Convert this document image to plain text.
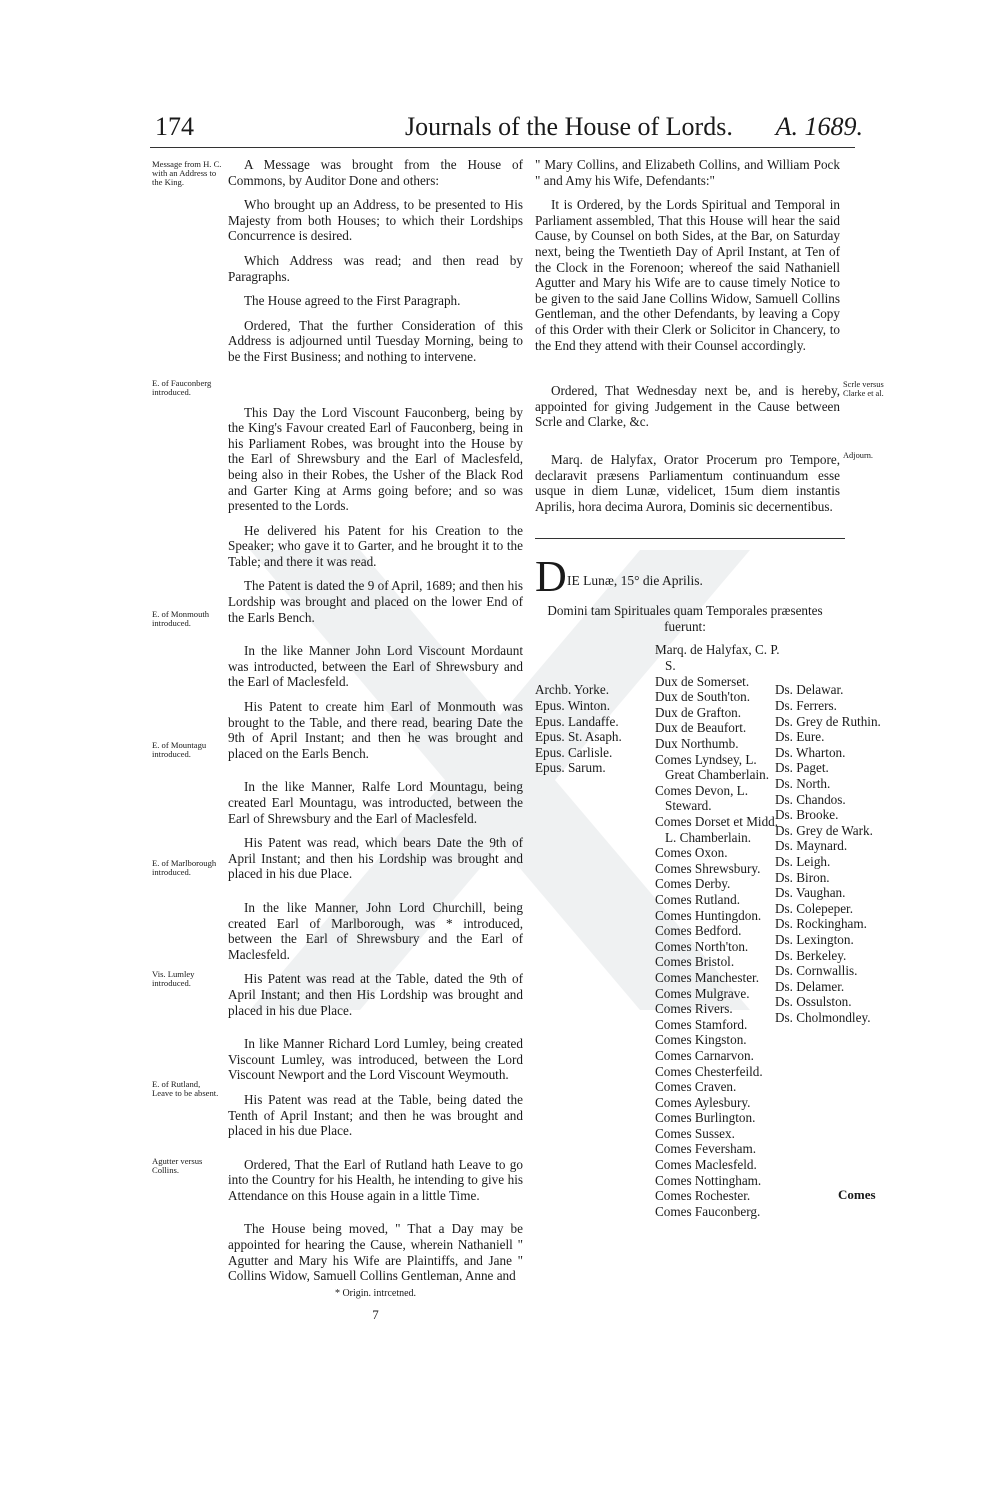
174	Journals of the House of Lords. A. 1689.
Message from H. C. with an Address to the King.
E. of Fauconberg introduced.
E. of Monmouth introduced.
E. of Mountagu introduced.
E. of Marlborough introduced.
Vis. Lumley introduced.
E. of Rutland, Leave to be absent.
Agutter versus Collins.
Scrle versus Clarke et al.
Adjourn.

A Message was brought from the House of Commons, by Auditor Done and others:

Who brought up an Address, to be presented to His Majesty from both Houses; to which their Lordships Concurrence is desired.

Which Address was read; and then read by Paragraphs.

The House agreed to the First Paragraph.

Ordered, That the further Consideration of this Address is adjourned until Tuesday Morning, being to be the First Business; and nothing to intervene.

This Day the Lord Viscount Fauconberg, being by the King's Favour created Earl of Fauconberg, being in his Parliament Robes, was brought into the House by the Earl of Shrewsbury and the Earl of Maclesfeld, being also in their Robes, the Usher of the Black Rod and Garter King at Arms going before; and so was presented to the Lords.

He delivered his Patent for his Creation to the Speaker; who gave it to Garter, and he brought it to the Table; and there it was read.

The Patent is dated the 9 of April, 1689; and then his Lordship was brought and placed on the lower End of the Earls Bench.

In the like Manner John Lord Viscount Mordaunt was introducted, between the Earl of Shrewsbury and the Earl of Maclesfeld.

His Patent to create him Earl of Monmouth was brought to the Table, and there read, bearing Date the 9th of April Instant; and then he was brought and placed on the Earls Bench.

In the like Manner, Ralfe Lord Mountagu, being created Earl Mountagu, was introducted, between the Earl of Shrewsbury and the Earl of Maclesfeld.

His Patent was read, which bears Date the 9th of April Instant; and then his Lordship was brought and placed in his due Place.

In the like Manner, John Lord Churchill, being created Earl of Marlborough, was * introduced, between the Earl of Shrewsbury and the Earl of Maclesfeld.

His Patent was read at the Table, dated the 9th of April Instant; and then His Lordship was brought and placed in his due Place.

In like Manner Richard Lord Lumley, being created Viscount Lumley, was introduced, between the Lord Viscount Newport and the Lord Viscount Weymouth.

His Patent was read at the Table, being dated the Tenth of April Instant; and then he was brought and placed in his due Place.

Ordered, That the Earl of Rutland hath Leave to go into the Country for his Health, he intending to give his Attendance on this House again in a little Time.

The House being moved, " That a Day may be appointed for hearing the Cause, wherein Nathaniell " Agutter and Mary his Wife are Plaintiffs, and Jane " Collins Widow, Samuell Collins Gentleman, Anne and

* Origin. intrcetned.
7

" Mary Collins, and Elizabeth Collins, and William Pock " and Amy his Wife, Defendants:"

It is Ordered, by the Lords Spiritual and Temporal in Parliament assembled, That this House will hear the said Cause, by Counsel on both Sides, at the Bar, on Saturday next, being the Twentieth Day of April Instant, at Ten of the Clock in the Forenoon; whereof the said Nathaniell Agutter and Mary his Wife are to cause timely Notice to be given to the said Jane Collins Widow, Samuell Collins Gentleman, and the other Defendants, by leaving a Copy of this Order with their Clerk or Solicitor in Chancery, to the End they attend with their Counsel accordingly.

Ordered, That Wednesday next be, and is hereby, appointed for giving Judgement in the Cause between Scrle and Clarke, &c.

Marq. de Halyfax, Orator Procerum pro Tempore, declaravit præsens Parliamentum continuandum esse usque in diem Lunæ, videlicet, 15um diem instantis Aprilis, hora decima Aurora, Dominis sic decernentibus.

D IE Lunæ, 15° die Aprilis.
Domini tam Spirituales quam Temporales præsentes fuerunt:
Archb. Yorke.
Epus. Winton.
Epus. Landaffe.
Epus. St. Asaph.
Epus. Carlisle.
Epus. Sarum.
Marq. de Halyfax, C. P. S.
Dux de Somerset.
Dux de South'ton.
Dux de Grafton.
Dux de Beaufort.
Dux Northumb.
Comes Lyndsey, L. Great Chamberlain.
Comes Devon, L. Steward.
Comes Dorset et Midd. L. Chamberlain.
Comes Oxon.
Comes Shrewsbury.
Comes Derby.
Comes Rutland.
Comes Huntingdon.
Comes Bedford.
Comes North'ton.
Comes Bristol.
Comes Manchester.
Comes Mulgrave.
Comes Rivers.
Comes Stamford.
Comes Kingston.
Comes Carnarvon.
Comes Chesterfeild.
Comes Craven.
Comes Aylesbury.
Comes Burlington.
Comes Sussex.
Comes Feversham.
Comes Maclesfeld.
Comes Nottingham.
Comes Rochester.
Comes Fauconberg.
Ds. Delawar.
Ds. Ferrers.
Ds. Grey de Ruthin.
Ds. Eure.
Ds. Wharton.
Ds. Paget.
Ds. North.
Ds. Chandos.
Ds. Brooke.
Ds. Grey de Wark.
Ds. Maynard.
Ds. Leigh.
Ds. Biron.
Ds. Vaughan.
Ds. Colepeper.
Ds. Rockingham.
Ds. Lexington.
Ds. Berkeley.
Ds. Cornwallis.
Ds. Delamer.
Ds. Ossulston.
Ds. Cholmondley.
Comes
